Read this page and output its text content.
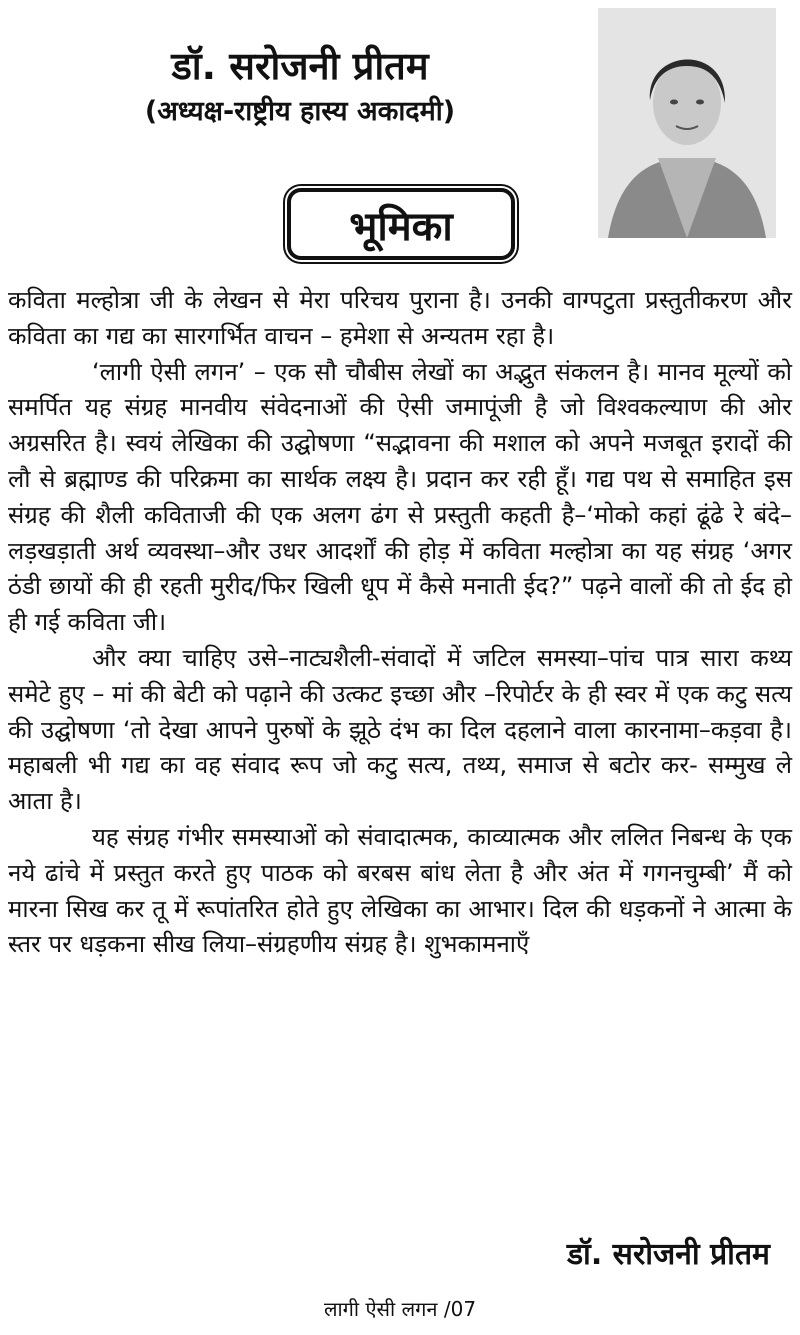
डॉ. सरोजनी प्रीतम

(अध्यक्ष-राष्ट्रीय हास्य अकादमी)

भूमिका

कविता मल्होत्रा जी के लेखन से मेरा परिचय पुराना है। उनकी वाग्पटुता प्रस्तुतीकरण और कविता का गद्य का सारगर्भित वाचन – हमेशा से अन्यतम रहा है।

‘लागी ऐसी लगन’ – एक सौ चौबीस लेखों का अद्भुत संकलन है। मानव मूल्यों को समर्पित यह संग्रह मानवीय संवेदनाओं की ऐसी जमापूंजी है जो विश्वकल्याण की ओर अग्रसरित है। स्वयं लेखिका की उद्घोषणा “सद्भावना की मशाल को अपने मजबूत इरादों की लौ से ब्रह्माण्ड की परिक्रमा का सार्थक लक्ष्य है। प्रदान कर रही हूँ। गद्य पथ से समाहित इस संग्रह की शैली कविताजी की एक अलग ढंग से प्रस्तुती कहती है–‘मोको कहां ढूंढे रे बंदे–लड़खड़ाती अर्थ व्यवस्था–और उधर आदर्शों की होड़ में कविता मल्होत्रा का यह संग्रह ‘अगर ठंडी छायों की ही रहती मुरीद/फिर खिली धूप में कैसे मनाती ईद?” पढ़ने वालों की तो ईद हो ही गई कविता जी।

और क्या चाहिए उसे–नाट्यशैली-संवादों में जटिल समस्या–पांच पात्र सारा कथ्य समेटे हुए – मां की बेटी को पढ़ाने की उत्कट इच्छा और –रिपोर्टर के ही स्वर में एक कटु सत्य की उद्घोषणा ‘तो देखा आपने पुरुषों के झूठे दंभ का दिल दहलाने वाला कारनामा–कड़वा है। महाबली भी गद्य का वह संवाद रूप जो कटु सत्य, तथ्य, समाज से बटोर कर- सम्मुख ले आता है।

यह संग्रह गंभीर समस्याओं को संवादात्मक, काव्यात्मक और ललित निबन्ध के एक नये ढांचे में प्रस्तुत करते हुए पाठक को बरबस बांध लेता है और अंत में गगनचुम्बी’ मैं को मारना सिख कर तू में रूपांतरित होते हुए लेखिका का आभार। दिल की धड़कनों ने आत्मा के स्तर पर धड़कना सीख लिया–संग्रहणीय संग्रह है। शुभकामनाएँ

डॉ. सरोजनी प्रीतम
लागी ऐसी लगन /07
